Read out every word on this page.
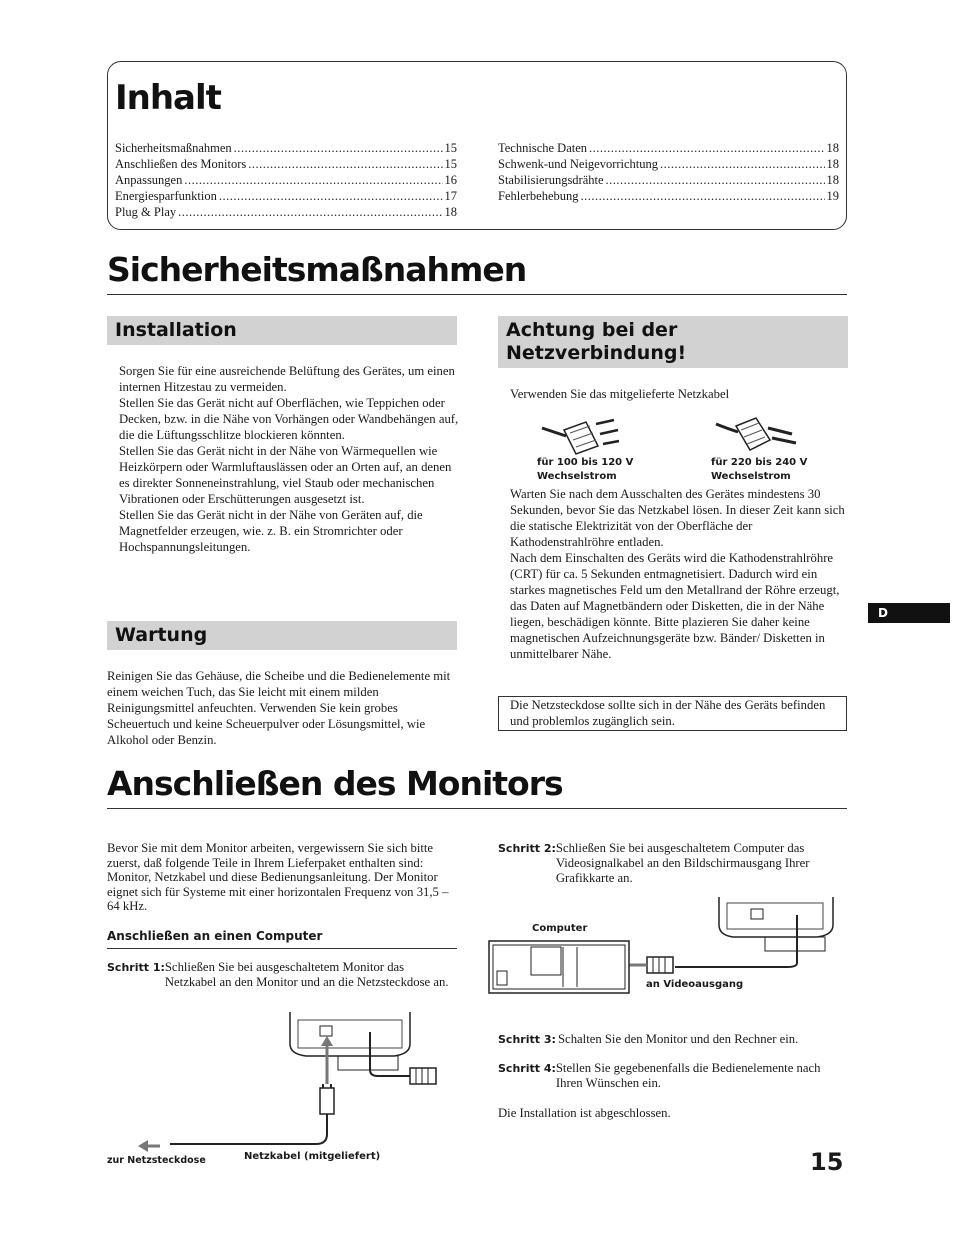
Inhalt
Sicherheitsmaßnahmen .....	15
Anschließen des Monitors .....	15
Anpassungen .....	16
Energiesparfunktion .....	17
Plug & Play .....	18
Technische Daten .....	18
Schwenk-und Neigevorrichtung .....	18
Stabilisierungsdrähte .....	18
Fehlerbehebung .....	19
Sicherheitsmaßnahmen
Installation

Sorgen Sie für eine ausreichende Belüftung des Gerätes, um einen internen Hitzestau zu vermeiden.

Stellen Sie das Gerät nicht auf Oberflächen, wie Teppichen oder Decken, bzw. in die Nähe von Vorhängen oder Wandbehängen auf, die die Lüftungsschlitze blockieren könnten.

Stellen Sie das Gerät nicht in der Nähe von Wärmequellen wie Heizkörpern oder Warmluftauslässen oder an Orten auf, an denen es direkter Sonneneinstrahlung, viel Staub oder mechanischen Vibrationen oder Erschütterungen ausgesetzt ist.

Stellen Sie das Gerät nicht in der Nähe von Geräten auf, die Magnetfelder erzeugen, wie. z. B. ein Stromrichter oder Hochspannungsleitungen.

Wartung
Reinigen Sie das Gehäuse, die Scheibe und die Bedienelemente mit einem weichen Tuch, das Sie leicht mit einem milden Reinigungsmittel anfeuchten. Verwenden Sie kein grobes Scheuertuch und keine Scheuerpulver oder Lösungsmittel, wie Alkohol oder Benzin.
Achtung bei der Netzverbindung!
Verwenden Sie das mitgelieferte Netzkabel
für 100 bis 120 V
Wechselstrom
für 220 bis 240 V
Wechselstrom

Warten Sie nach dem Ausschalten des Gerätes mindestens 30 Sekunden, bevor Sie das Netzkabel lösen. In dieser Zeit kann sich die statische Elektrizität von der Oberfläche der Kathodenstrahlröhre entladen.

Nach dem Einschalten des Geräts wird die Kathodenstrahlröhre (CRT) für ca. 5 Sekunden entmagnetisiert. Dadurch wird ein starkes magnetisches Feld um den Metallrand der Röhre erzeugt, das Daten auf Magnetbändern oder Disketten, die in der Nähe liegen, beschädigen könnte. Bitte plazieren Sie daher keine magnetischen Aufzeichnungsgeräte bzw. Bänder/ Disketten in unmittelbarer Nähe.

Die Netzsteckdose sollte sich in der Nähe des Geräts befinden und problemlos zugänglich sein.
D
Anschließen des Monitors
Bevor Sie mit dem Monitor arbeiten, vergewissern Sie sich bitte zuerst, daß folgende Teile in Ihrem Lieferpaket enthalten sind: Monitor, Netzkabel und diese Bedienungsanleitung. Der Monitor eignet sich für Systeme mit einer horizontalen Frequenz von 31,5 – 64 kHz.
Anschließen an einen Computer
Schritt 1: Schließen Sie bei ausgeschaltetem Monitor das Netzkabel an den Monitor und an die Netzsteckdose an.
Schritt 2: Schließen Sie bei ausgeschaltetem Computer das Videosignalkabel an den Bildschirmausgang Ihrer Grafikkarte an.
Computer
an Videoausgang
Schritt 3: Schalten Sie den Monitor und den Rechner ein.
Schritt 4: Stellen Sie gegebenenfalls die Bedienelemente nach Ihren Wünschen ein.
Die Installation ist abgeschlossen.
zur Netzsteckdose	Netzkabel (mitgeliefert)	15
